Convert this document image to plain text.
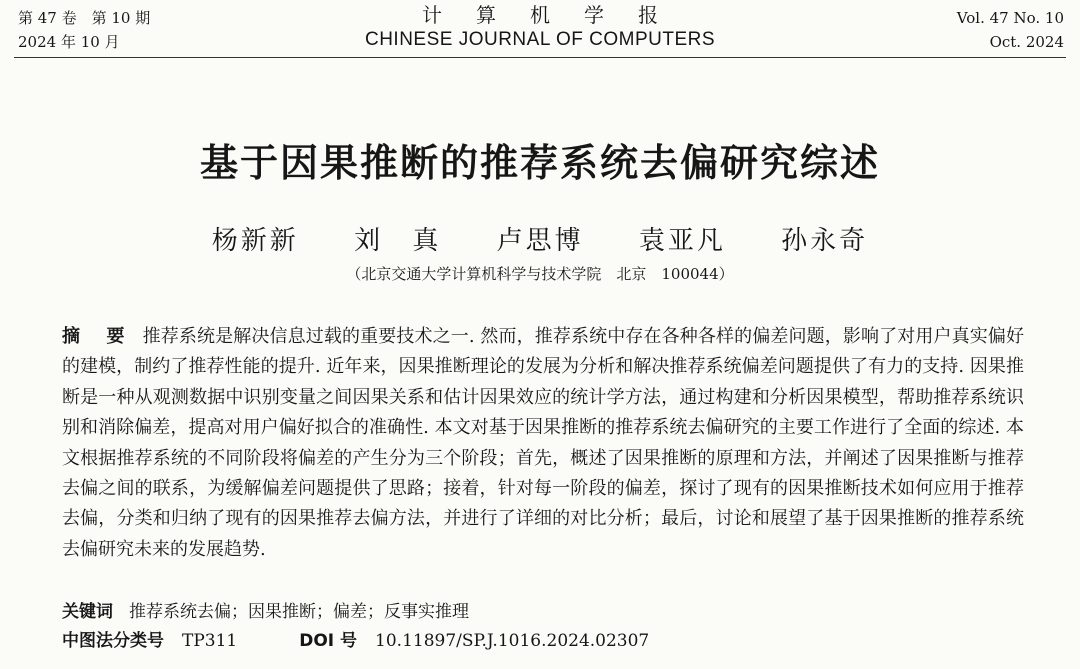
第 47 卷　第 10 期
2024 年 10 月
计算机学报
CHINESE JOURNAL OF COMPUTERS
Vol. 47 No. 10
Oct. 2024
基于因果推断的推荐系统去偏研究综述
杨新新 刘 真 卢思博 袁亚凡 孙永奇
（北京交通大学计算机科学与技术学院　北京　100044）
摘 要 推荐系统是解决信息过载的重要技术之一. 然而，推荐系统中存在各种各样的偏差问题，影响了对用户真实偏好的建模，制约了推荐性能的提升. 近年来，因果推断理论的发展为分析和解决推荐系统偏差问题提供了有力的支持. 因果推断是一种从观测数据中识别变量之间因果关系和估计因果效应的统计学方法，通过构建和分析因果模型，帮助推荐系统识别和消除偏差，提高对用户偏好拟合的准确性. 本文对基于因果推断的推荐系统去偏研究的主要工作进行了全面的综述. 本文根据推荐系统的不同阶段将偏差的产生分为三个阶段；首先，概述了因果推断的原理和方法，并阐述了因果推断与推荐去偏之间的联系，为缓解偏差问题提供了思路；接着，针对每一阶段的偏差，探讨了现有的因果推断技术如何应用于推荐去偏，分类和归纳了现有的因果推荐去偏方法，并进行了详细的对比分析；最后，讨论和展望了基于因果推断的推荐系统去偏研究未来的发展趋势.
关键词 推荐系统去偏；因果推断；偏差；反事实推理
中图法分类号 TP311	DOI 号 10.11897/SP.J.1016.2024.02307
